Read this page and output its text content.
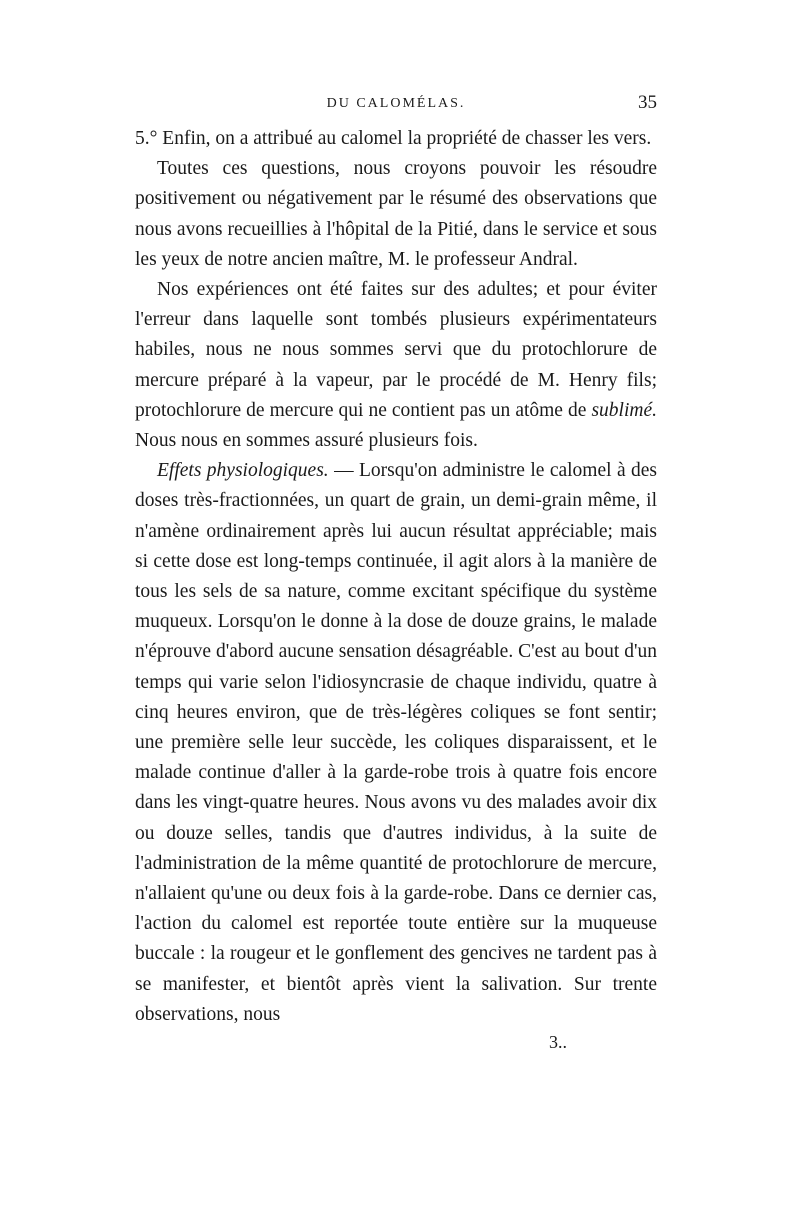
DU CALOMÉLAS.	35

5.° Enfin, on a attribué au calomel la propriété de chasser les vers.

Toutes ces questions, nous croyons pouvoir les résoudre positivement ou négativement par le résumé des observations que nous avons recueillies à l'hôpital de la Pitié, dans le service et sous les yeux de notre ancien maître, M. le professeur Andral.

Nos expériences ont été faites sur des adultes; et pour éviter l'erreur dans laquelle sont tombés plusieurs expérimentateurs habiles, nous ne nous sommes servi que du protochlorure de mercure préparé à la vapeur, par le procédé de M. Henry fils; protochlorure de mercure qui ne contient pas un atôme de sublimé. Nous nous en sommes assuré plusieurs fois.

Effets physiologiques. — Lorsqu'on administre le calomel à des doses très-fractionnées, un quart de grain, un demi-grain même, il n'amène ordinairement après lui aucun résultat appréciable; mais si cette dose est long-temps continuée, il agit alors à la manière de tous les sels de sa nature, comme excitant spécifique du système muqueux. Lorsqu'on le donne à la dose de douze grains, le malade n'éprouve d'abord aucune sensation désagréable. C'est au bout d'un temps qui varie selon l'idiosyncrasie de chaque individu, quatre à cinq heures environ, que de très-légères coliques se font sentir; une première selle leur succède, les coliques disparaissent, et le malade continue d'aller à la garde-robe trois à quatre fois encore dans les vingt-quatre heures. Nous avons vu des malades avoir dix ou douze selles, tandis que d'autres individus, à la suite de l'administration de la même quantité de protochlorure de mercure, n'allaient qu'une ou deux fois à la garde-robe. Dans ce dernier cas, l'action du calomel est reportée toute entière sur la muqueuse buccale : la rougeur et le gonflement des gencives ne tardent pas à se manifester, et bientôt après vient la salivation. Sur trente observations, nous

3..
